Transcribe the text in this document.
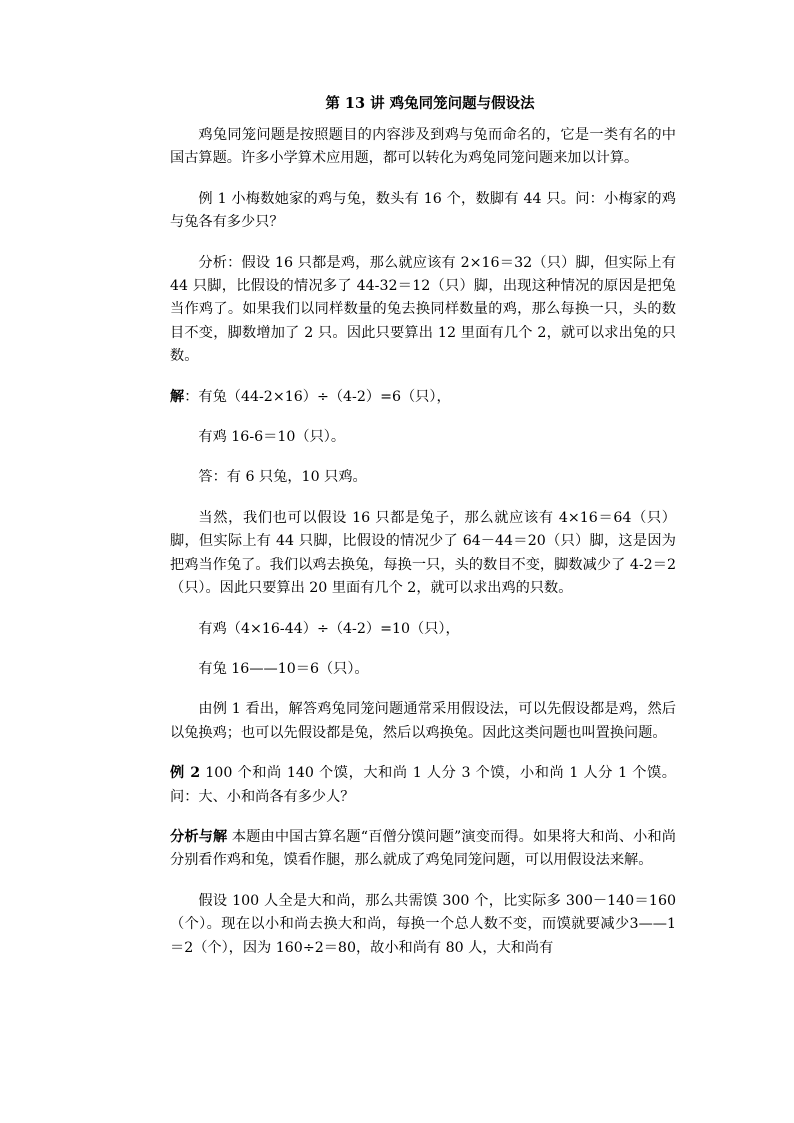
第 13 讲 鸡兔同笼问题与假设法

鸡兔同笼问题是按照题目的内容涉及到鸡与兔而命名的，它是一类有名的中国古算题。许多小学算术应用题，都可以转化为鸡兔同笼问题来加以计算。

例 1 小梅数她家的鸡与兔，数头有 16 个，数脚有 44 只。问：小梅家的鸡与兔各有多少只？

分析：假设 16 只都是鸡，那么就应该有 2×16＝32（只）脚，但实际上有 44 只脚，比假设的情况多了 44-32＝12（只）脚，出现这种情况的原因是把兔当作鸡了。如果我们以同样数量的兔去换同样数量的鸡，那么每换一只，头的数目不变，脚数增加了 2 只。因此只要算出 12 里面有几个 2，就可以求出兔的只数。

解：有兔（44-2×16）÷（4-2）=6（只），

有鸡 16-6＝10（只）。

答：有 6 只兔，10 只鸡。

当然，我们也可以假设 16 只都是兔子，那么就应该有 4×16＝64（只）脚，但实际上有 44 只脚，比假设的情况少了 64－44＝20（只）脚，这是因为把鸡当作兔了。我们以鸡去换兔，每换一只，头的数目不变，脚数减少了 4-2＝2（只）。因此只要算出 20 里面有几个 2，就可以求出鸡的只数。

有鸡（4×16-44）÷（4-2）=10（只），

有兔 16——10＝6（只）。

由例 1 看出，解答鸡兔同笼问题通常采用假设法，可以先假设都是鸡，然后以兔换鸡；也可以先假设都是兔，然后以鸡换兔。因此这类问题也叫置换问题。

例 2 100 个和尚 140 个馍，大和尚 1 人分 3 个馍，小和尚 1 人分 1 个馍。问：大、小和尚各有多少人？

分析与解 本题由中国古算名题“百僧分馍问题”演变而得。如果将大和尚、小和尚分别看作鸡和兔，馍看作腿，那么就成了鸡兔同笼问题，可以用假设法来解。

假设 100 人全是大和尚，那么共需馍 300 个，比实际多 300－140＝160（个）。现在以小和尚去换大和尚，每换一个总人数不变，而馍就要减少3——1＝2（个），因为 160÷2＝80，故小和尚有 80 人，大和尚有
